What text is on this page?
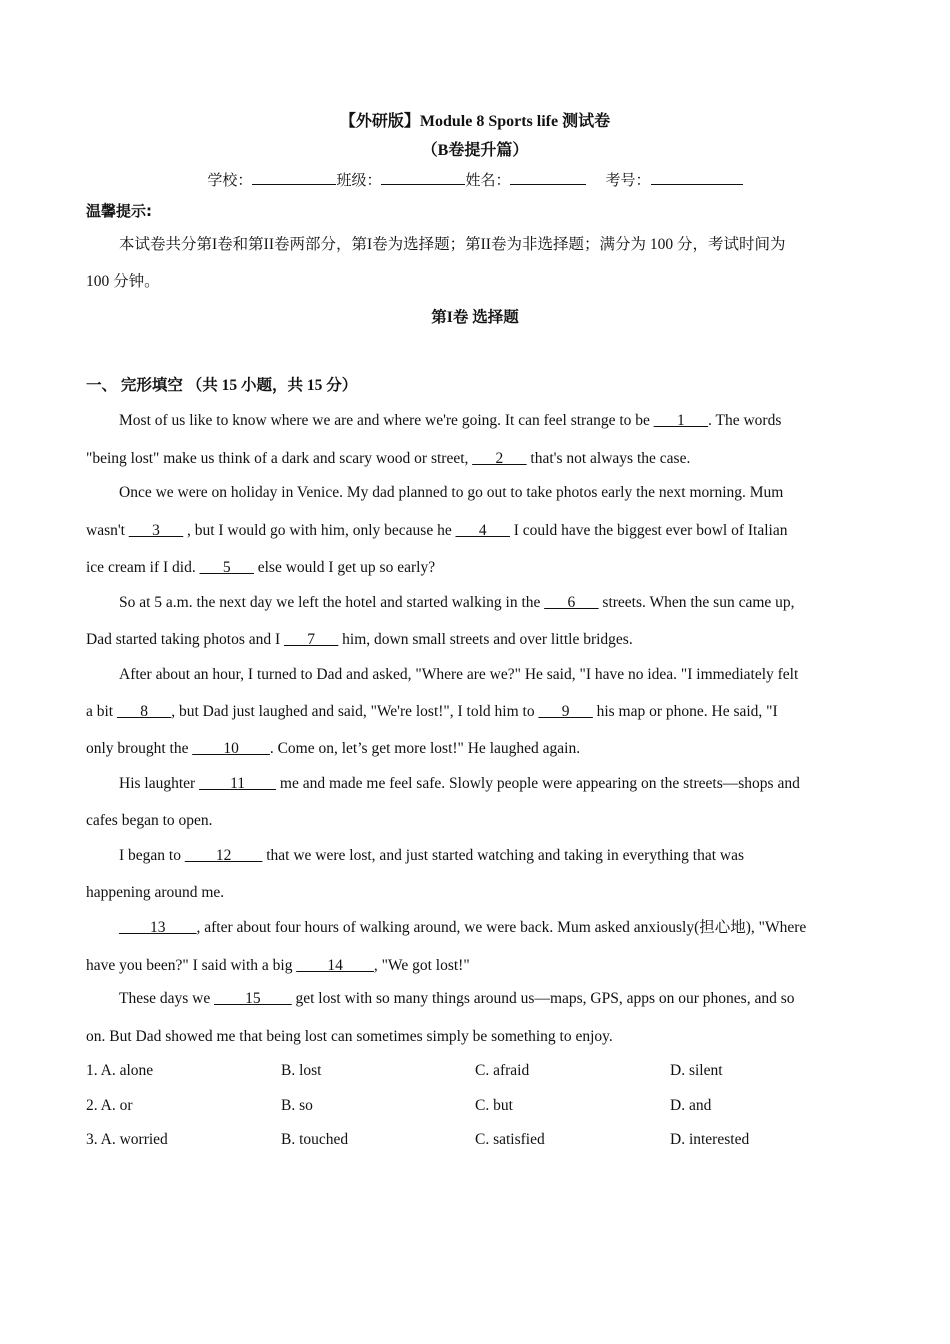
【外研版】Module 8 Sports life 测试卷
（B卷提升篇）
学校：	班级：	姓名：	考号：
温馨提示:
本试卷共分第I卷和第II卷两部分，第I卷为选择题；第II卷为非选择题；满分为 100 分，考试时间为
100 分钟。
第I卷 选择题
一、 完形填空 （共 15 小题，共 15 分）
Most of us like to know where we are and where we're going. It can feel strange to be ___1___. The words
"being lost" make us think of a dark and scary wood or street, ___2___ that's not always the case.
Once we were on holiday in Venice. My dad planned to go out to take photos early the next morning. Mum
wasn't ___3___ , but I would go with him, only because he ___4___ I could have the biggest ever bowl of Italian
ice cream if I did. ___5___ else would I get up so early?
So at 5 a.m. the next day we left the hotel and started walking in the ___6___ streets. When the sun came up,
Dad started taking photos and I ___7___ him, down small streets and over little bridges.
After about an hour, I turned to Dad and asked, "Where are we?" He said, "I have no idea. "I immediately felt
a bit ___8___, but Dad just laughed and said, "We're lost!", I told him to ___9___ his map or phone. He said, "I
only brought the ____10____. Come on, let’s get more lost!" He laughed again.
His laughter ____11____ me and made me feel safe. Slowly people were appearing on the streets—shops and
cafes began to open.
I began to ____12____ that we were lost, and just started watching and taking in everything that was
happening around me.
____13____, after about four hours of walking around, we were back. Mum asked anxiously(担心地), "Where
have you been?" I said with a big ____14____, "We got lost!"
These days we ____15____ get lost with so many things around us—maps, GPS, apps on our phones, and so
on. But Dad showed me that being lost can sometimes simply be something to enjoy.
1. A. alone	B. lost	C. afraid	D. silent
2. A. or	B. so	C. but	D. and
3. A. worried	B. touched	C. satisfied	D. interested
